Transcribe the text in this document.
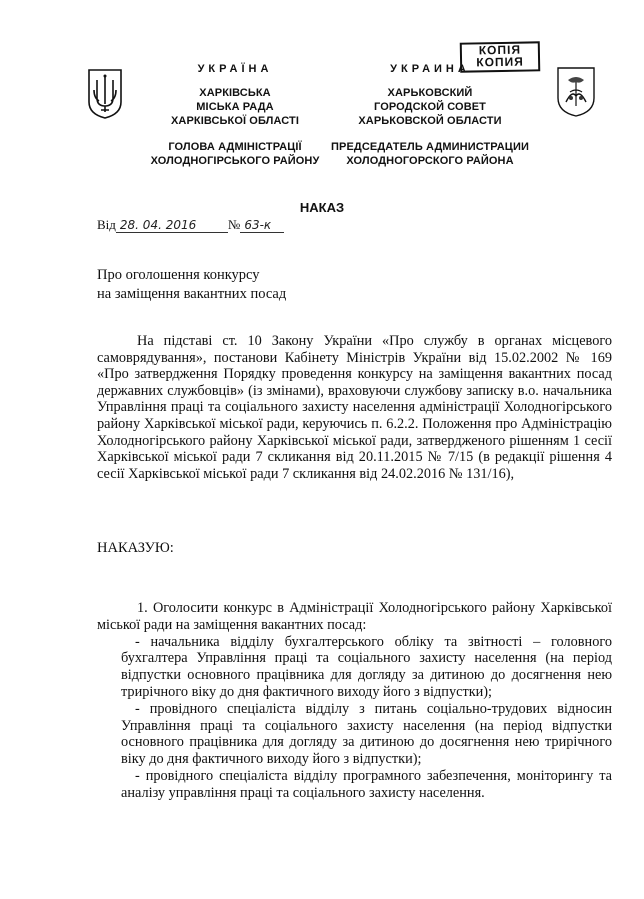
КОПІЯ
КОПИЯ
УКРАЇНА
ХАРКІВСЬКА
МІСЬКА РАДА
ХАРКІВСЬКОЇ ОБЛАСТІ
ГОЛОВА АДМІНІСТРАЦІЇ
ХОЛОДНОГІРСЬКОГО РАЙОНУ
УКРАИНА
ХАРЬКОВСКИЙ
ГОРОДСКОЙ СОВЕТ
ХАРЬКОВСКОЙ ОБЛАСТИ
ПРЕДСЕДАТЕЛЬ АДМИНИСТРАЦИИ
ХОЛОДНОГОРСКОГО РАЙОНА
НАКАЗ
Від 28. 04. 2016 № 63-к
Про оголошення конкурсу
на заміщення вакантних посад

На підставі ст. 10 Закону України «Про службу в органах місцевого самоврядування», постанови Кабінету Міністрів України від 15.02.2002 № 169 «Про затвердження Порядку проведення конкурсу на заміщення вакантних посад державних службовців» (із змінами), враховуючи службову записку в.о. начальника Управління праці та соціального захисту населення адміністрації Холодногірського району Харківської міської ради, керуючись п. 6.2.2. Положення про Адміністрацію Холодногірського району Харківської міської ради, затвердженого рішенням 1 сесії Харківської міської ради 7 скликання від 20.11.2015 № 7/15 (в редакції рішення 4 сесії Харківської міської ради 7 скликання від 24.02.2016 № 131/16),

НАКАЗУЮ:

1. Оголосити конкурс в Адміністрації Холодногірського району Харківської міської ради на заміщення вакантних посад:

- начальника відділу бухгалтерського обліку та звітності – головного бухгалтера Управління праці та соціального захисту населення (на період відпустки основного працівника для догляду за дитиною до досягнення нею трирічного віку до дня фактичного виходу його з відпустки);

- провідного спеціаліста відділу з питань соціально-трудових відносин Управління праці та соціального захисту населення (на період відпустки основного працівника для догляду за дитиною до досягнення нею трирічного віку до дня фактичного виходу його з відпустки);

- провідного спеціаліста відділу програмного забезпечення, моніторингу та аналізу управління праці та соціального захисту населення.
